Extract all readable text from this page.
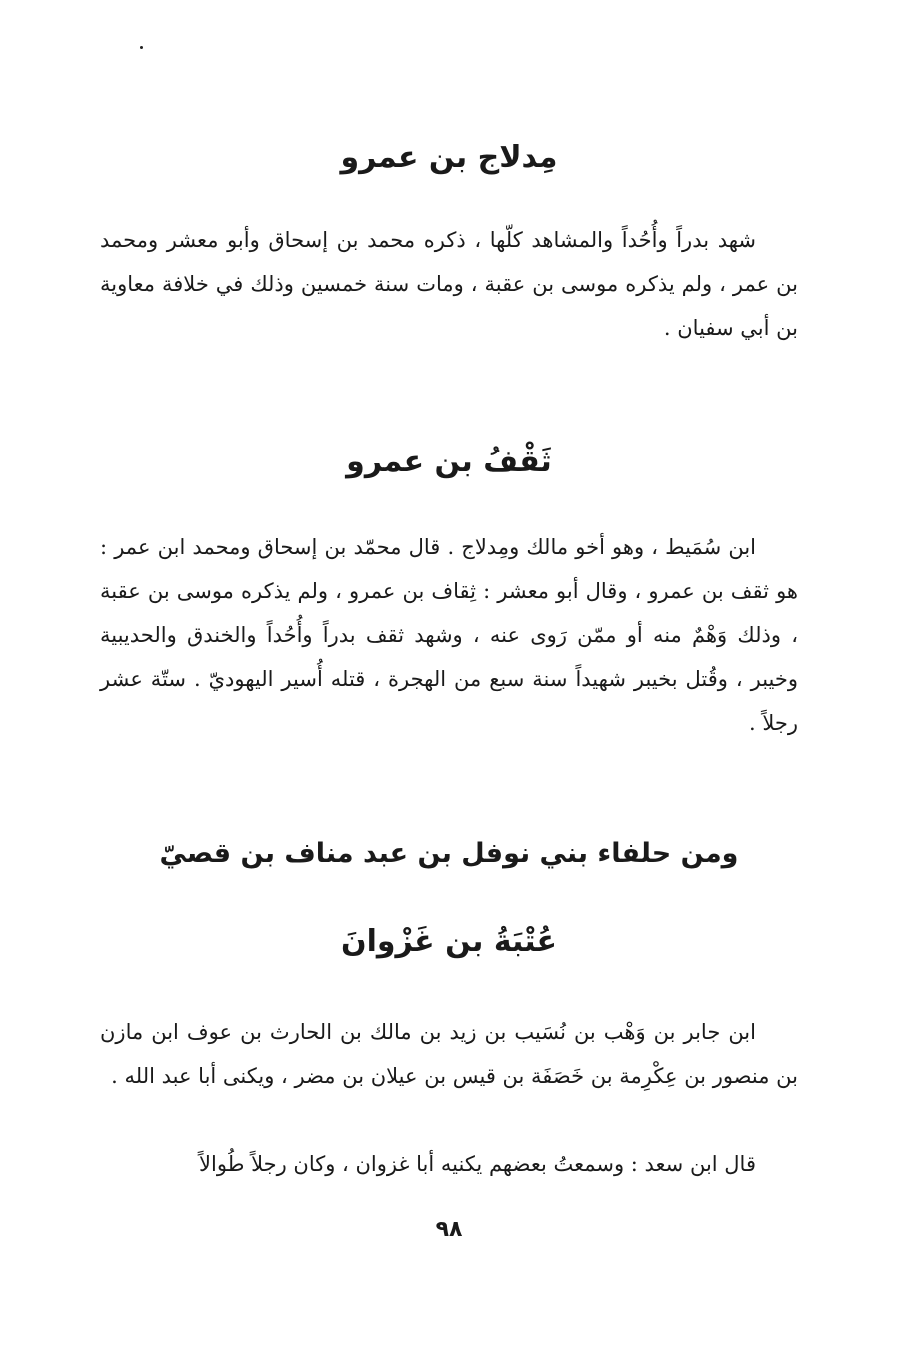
مِدلاج بن عمرو

شهد بدراً وأُحُداً والمشاهد كلّها ، ذكره محمد بن إسحاق وأبو معشر ومحمد بن عمر ، ولم يذكره موسى بن عقبة ، ومات سنة خمسين وذلك في خلافة معاوية بن أبي سفيان .

ثَقْفُ بن عمرو

ابن سُمَيط ، وهو أخو مالك ومِدلاج . قال محمّد بن إسحاق ومحمد ابن عمر : هو ثقف بن عمرو ، وقال أبو معشر : ثِقاف بن عمرو ، ولم يذكره موسى بن عقبة ، وذلك وَهْمٌ منه أو ممّن رَوى عنه ، وشهد ثقف بدراً وأُحُداً والخندق والحديبية وخيبر ، وقُتل بخيبر شهيداً سنة سبع من الهجرة ، قتله أُسير اليهوديّ . ستّة عشر رجلاً .

ومن حلفاء بني نوفل بن عبد مناف بن قصيّ
عُتْبَةُ بن غَزْوانَ

ابن جابر بن وَهْب بن نُسَيب بن زيد بن مالك بن الحارث بن عوف ابن مازن بن منصور بن عِكْرِمة بن خَصَفَة بن قيس بن عيلان بن مضر ، ويكنى أبا عبد الله .

قال ابن سعد : وسمعتُ بعضهم يكنيه أبا غزوان ، وكان رجلاً طُوالاً

٩٨
